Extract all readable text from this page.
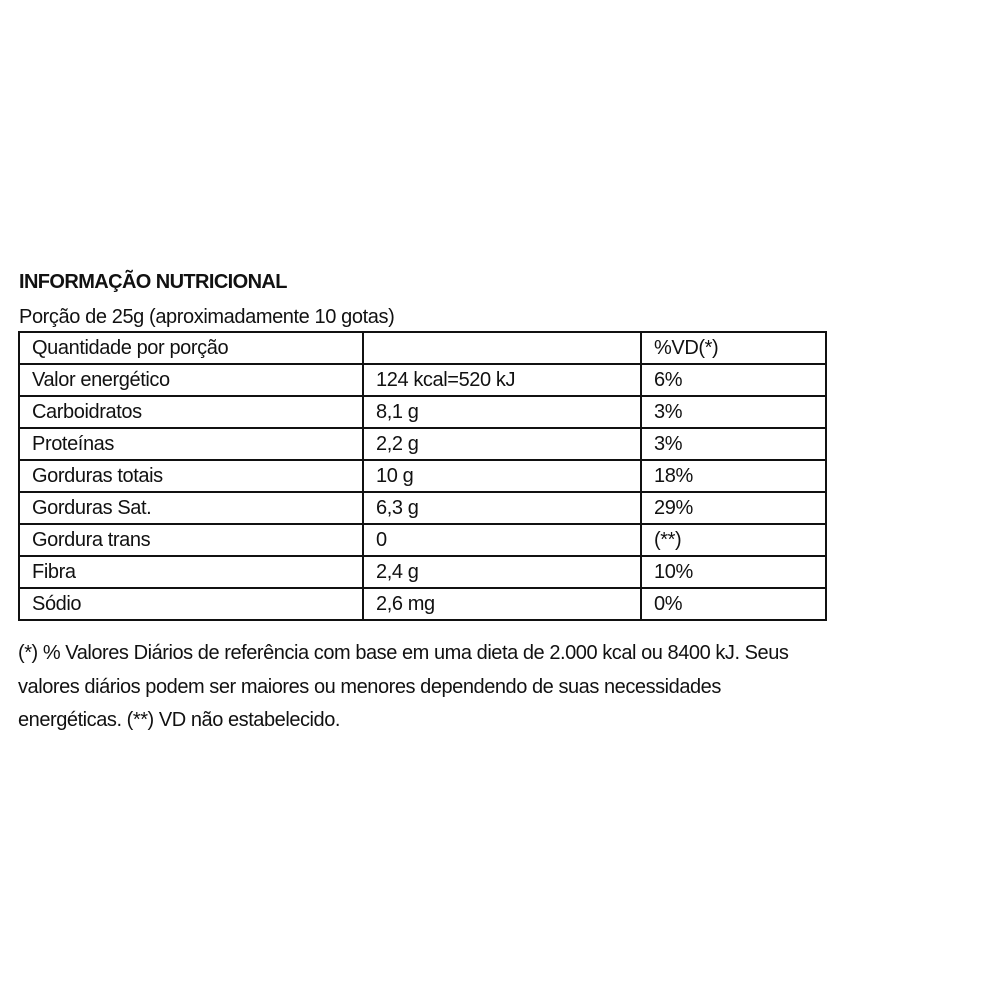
INFORMAÇÃO NUTRICIONAL
Porção de 25g (aproximadamente 10 gotas)
Quantidade por porção		%VD(*)
Valor energético	124 kcal=520 kJ	6%
Carboidratos	8,1 g	3%
Proteínas	2,2 g	3%
Gorduras totais	10 g	18%
Gorduras Sat.	6,3 g	29%
Gordura trans	0	(**)
Fibra	2,4 g	10%
Sódio	2,6 mg	0%

(*) % Valores Diários de referência com base em uma dieta de 2.000 kcal ou 8400 kJ. Seus
valores diários podem ser maiores ou menores dependendo de suas necessidades
energéticas. (**) VD não estabelecido.
